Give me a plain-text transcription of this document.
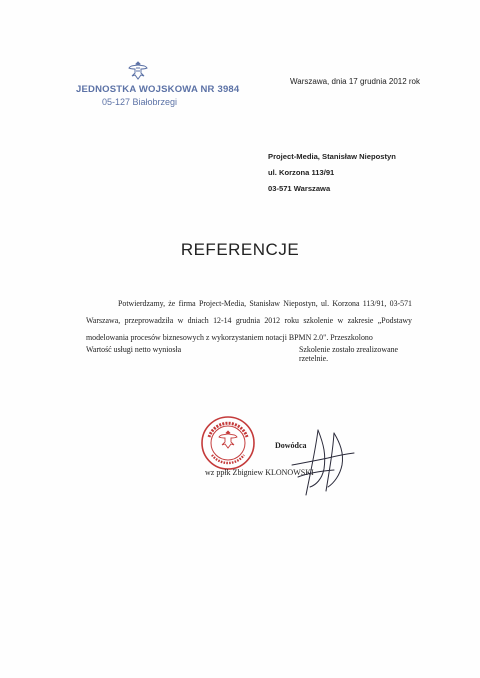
JEDNOSTKA WOJSKOWA NR 3984
05-127 Białobrzegi
Warszawa, dnia 17 grudnia 2012 rok
Project-Media, Stanisław Niepostyn
ul. Korzona 113/91
03-571 Warszawa
REFERENCJE

Potwierdzamy, że firma Project-Media, Stanisław Niepostyn, ul. Korzona 113/91, 03-571 Warszawa, przeprowadziła w dniach 12-14 grudnia 2012 roku szkolenie w zakresie „Podstawy modelowania procesów biznesowych z wykorzystaniem notacji BPMN 2.0". Przeszkolono

Wartość usługi netto wyniosła	Szkolenie zostało zrealizowane rzetelnie.
Dowódca
wz ppłk Zbigniew KLONOWSKI
